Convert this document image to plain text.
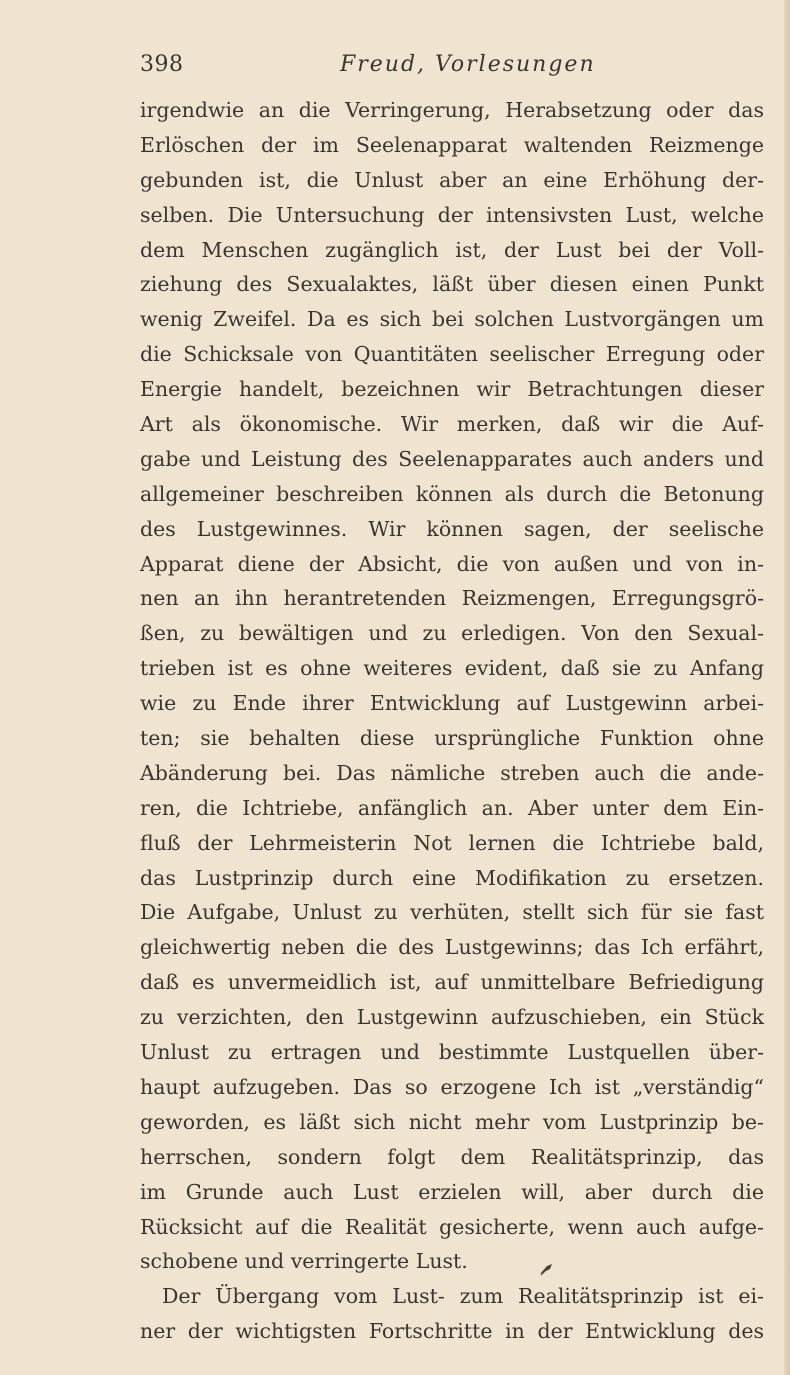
398	Freud, Vorlesungen
irgendwie an die Verringerung, Herabsetzung oder das
Erlöschen der im Seelenapparat waltenden Reizmenge
gebunden ist, die Unlust aber an eine Erhöhung der-
selben. Die Untersuchung der intensivsten Lust, welche
dem Menschen zugänglich ist, der Lust bei der Voll-
ziehung des Sexualaktes, läßt über diesen einen Punkt
wenig Zweifel. Da es sich bei solchen Lustvorgängen um
die Schicksale von Quantitäten seelischer Erregung oder
Energie handelt, bezeichnen wir Betrachtungen dieser
Art als ökonomische. Wir merken, daß wir die Auf-
gabe und Leistung des Seelenapparates auch anders und
allgemeiner beschreiben können als durch die Betonung
des Lustgewinnes. Wir können sagen, der seelische
Apparat diene der Absicht, die von außen und von in-
nen an ihn herantretenden Reizmengen, Erregungsgrö-
ßen, zu bewältigen und zu erledigen. Von den Sexual-
trieben ist es ohne weiteres evident, daß sie zu Anfang
wie zu Ende ihrer Entwicklung auf Lustgewinn arbei-
ten; sie behalten diese ursprüngliche Funktion ohne
Abänderung bei. Das nämliche streben auch die ande-
ren, die Ichtriebe, anfänglich an. Aber unter dem Ein-
fluß der Lehrmeisterin Not lernen die Ichtriebe bald,
das Lustprinzip durch eine Modifikation zu ersetzen.
Die Aufgabe, Unlust zu verhüten, stellt sich für sie fast
gleichwertig neben die des Lustgewinns; das Ich erfährt,
daß es unvermeidlich ist, auf unmittelbare Befriedigung
zu verzichten, den Lustgewinn aufzuschieben, ein Stück
Unlust zu ertragen und bestimmte Lustquellen über-
haupt aufzugeben. Das so erzogene Ich ist „verständig“
geworden, es läßt sich nicht mehr vom Lustprinzip be-
herrschen, sondern folgt dem Realitätsprinzip, das
im Grunde auch Lust erzielen will, aber durch die
Rücksicht auf die Realität gesicherte, wenn auch aufge-
schobene und verringerte Lust.
Der Übergang vom Lust- zum Realitätsprinzip ist ei-
ner der wichtigsten Fortschritte in der Entwicklung des
